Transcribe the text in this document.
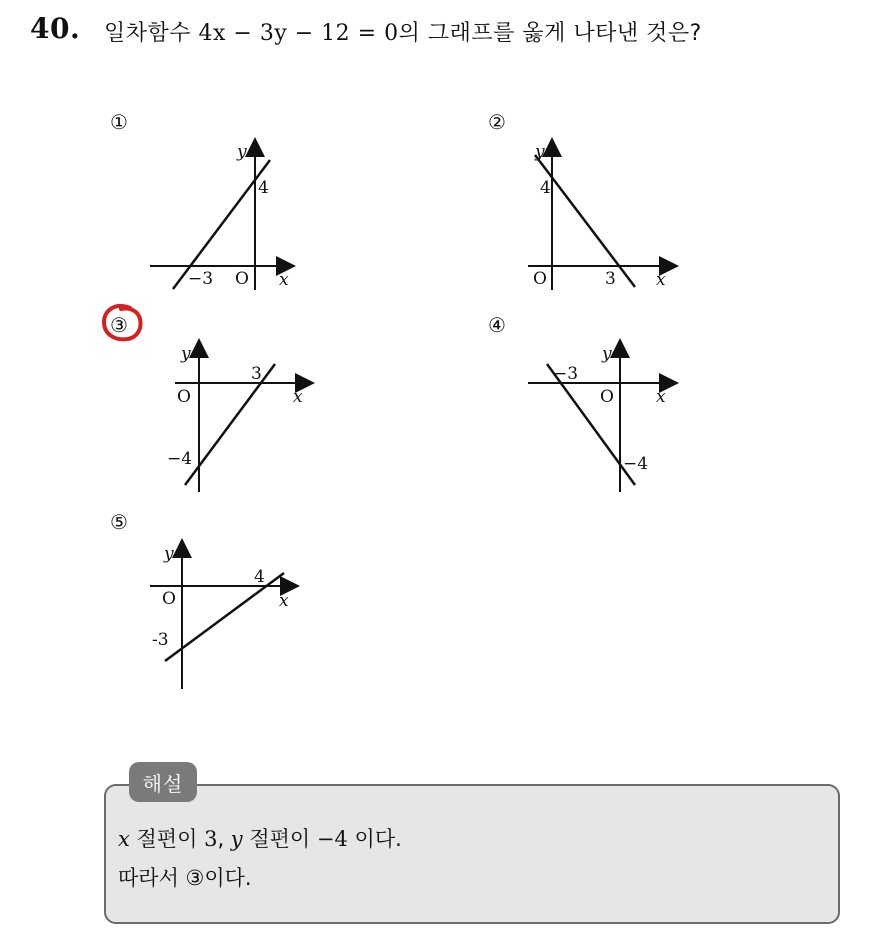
40. 일차함수 4x − 3y − 12 = 0의 그래프를 옳게 나타낸 것은?
①
y
4
−3 O x
②
y
4
3
O	x
③
y
3
O	x
−4
④
y
−3
O x
−4
⑤
y
4
O	x
-3
해설
x 절편이 3, y 절편이 −4 이다.
따라서 ③이다.
